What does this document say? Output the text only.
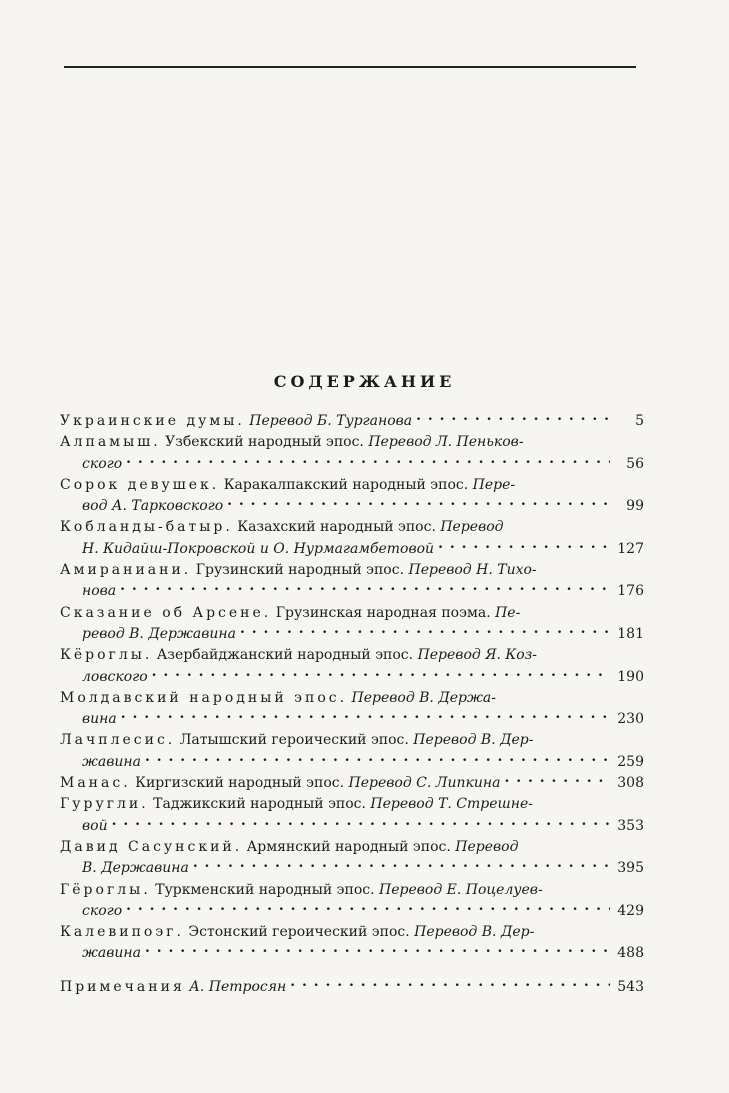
СОДЕРЖАНИЕ
Украинские думы. Перевод Б. Турганова . . .	5
Алпамыш. Узбекский народный эпос. Перевод Л. Пеньков-
ского . . .	56
Сорок девушек. Каракалпакский народный эпос. Пере-
вод А. Тарковского . . .	99
Кобланды-батыр. Казахский народный эпос. Перевод
Н. Кидайш-Покровской и О. Нурмагамбетовой . . .	127
Амираниани. Грузинский народный эпос. Перевод Н. Тихо-
нова . . .	176
Сказание об Арсене. Грузинская народная поэма. Пе-
ревод В. Державина . . .	181
Кёроглы. Азербайджанский народный эпос. Перевод Я. Коз-
ловского . . .	190
Молдавский народный эпос. Перевод В. Держа-
вина . . .	230
Лачплесис. Латышский героический эпос. Перевод В. Дер-
жавина . . .	259
Манас. Киргизский народный эпос. Перевод С. Липкина . . .	308
Гуругли. Таджикский народный эпос. Перевод Т. Стрешне-
вой . . .	353
Давид Сасунский. Армянский народный эпос. Перевод
В. Державина . . .	395
Гёроглы. Туркменский народный эпос. Перевод Е. Поцелуев-
ского . . .	429
Калевипоэг. Эстонский героический эпос. Перевод В. Дер-
жавина . . .	488
Примечания А. Петросян . . .	543
